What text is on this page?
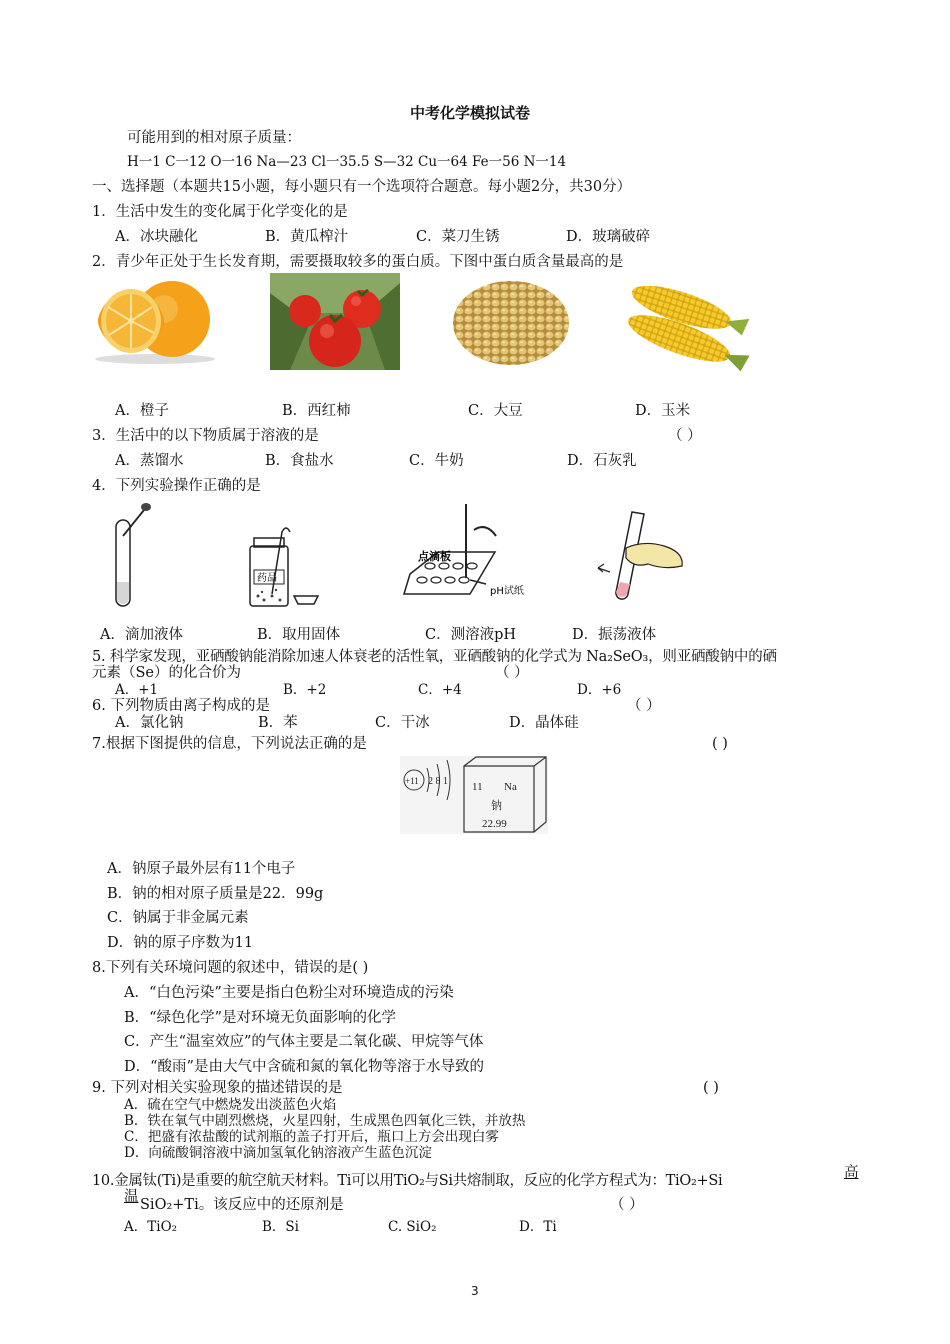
中考化学模拟试卷
可能用到的相对原子质量：
H一1 C一12 O一16 Na—23 Cl一35.5 S—32 Cu一64 Fe一56 N一14
一、选择题（本题共15小题，每小题只有一个选项符合题意。每小题2分，共30分）
1．生活中发生的变化属于化学变化的是
A．冰块融化	B．黄瓜榨汁	C．菜刀生锈	D．玻璃破碎
2．青少年正处于生长发育期，需要摄取较多的蛋白质。下图中蛋白质含量最高的是
A．橙子	B．西红柿	C．大豆	D．玉米
3．生活中的以下物质属于溶液的是	（ ）
A．蒸馏水	B．食盐水	C．牛奶	D．石灰乳
4．下列实验操作正确的是
药品
点滴板
pH试纸
A．滴加液体	B．取用固体	C．测溶液pH	D．振荡液体
5. 科学家发现，亚硒酸钠能消除加速人体衰老的活性氧，亚硒酸钠的化学式为 Na₂SeO₃，则亚硒酸钠中的硒
元素（Se）的化合价为	（ ）
A．+1	B．+2	C．+4	D．+6
6. 下列物质由离子构成的是	（ ）
A．氯化钠	B．苯	C．干冰	D．晶体硅
7.根据下图提供的信息，下列说法正确的是	( )
+11 2 8 1 11 Na
钠
22.99
A．钠原子最外层有11个电子
B．钠的相对原子质量是22．99g
C．钠属于非金属元素
D．钠的原子序数为11
8.下列有关环境问题的叙述中，错误的是( )
A．“白色污染”主要是指白色粉尘对环境造成的污染
B．“绿色化学”是对环境无负面影响的化学
C．产生“温室效应”的气体主要是二氧化碳、甲烷等气体
D．“酸雨”是由大气中含硫和氮的氧化物等溶于水导致的
9. 下列对相关实验现象的描述错误的是	( )
A．硫在空气中燃烧发出淡蓝色火焰
B．铁在氧气中剧烈燃烧，火星四射，生成黑色四氧化三铁，并放热
C．把盛有浓盐酸的试剂瓶的盖子打开后，瓶口上方会出现白雾
D．向硫酸铜溶液中滴加氢氧化钠溶液产生蓝色沉淀
10.金属钛(Ti)是重要的航空航天材料。Ti可以用TiO₂与Si共熔制取，反应的化学方程式为：TiO₂+Si	高
温 SiO₂+Ti。该反应中的还原剂是	（ ）
A．TiO₂	B．Si	C. SiO₂	D．Ti
3
